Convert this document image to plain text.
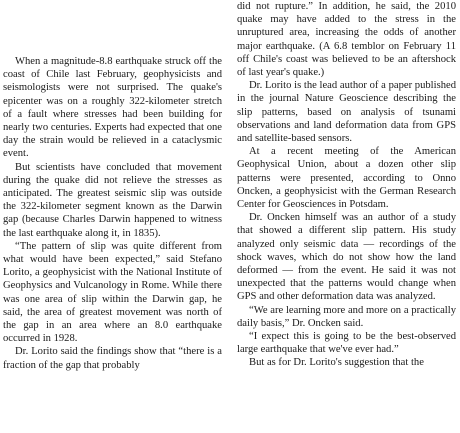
When a magnitude-8.8 earthquake struck off the coast of Chile last February, geophysicists and seismologists were not surprised. The quake's epicenter was on a roughly 322-kilometer stretch of a fault where stresses had been building for nearly two centuries. Experts had expected that one day the strain would be relieved in a cataclysmic event.

But scientists have concluded that movement during the quake did not relieve the stresses as anticipated. The greatest seismic slip was outside the 322-kilometer segment known as the Darwin gap (because Charles Darwin happened to witness the last earthquake along it, in 1835).

“The pattern of slip was quite different from what would have been expected,” said Stefano Lorito, a geophysicist with the National Institute of Geophysics and Vulcanology in Rome. While there was one area of slip within the Darwin gap, he said, the area of greatest movement was north of the gap in an area where an 8.0 earthquake occurred in 1928.

Dr. Lorito said the findings show that “there is a fraction of the gap that probably

did not rupture.” In addition, he said, the 2010 quake may have added to the stress in the unruptured area, increasing the odds of another major earthquake. (A 6.8 temblor on February 11 off Chile's coast was believed to be an aftershock of last year's quake.)

Dr. Lorito is the lead author of a paper published in the journal Nature Geoscience describing the slip patterns, based on analysis of tsunami observations and land deformation data from GPS and satellite-based sensors.

At a recent meeting of the American Geophysical Union, about a dozen other slip patterns were presented, according to Onno Oncken, a geophysicist with the German Research Center for Geosciences in Potsdam.

Dr. Oncken himself was an author of a study that showed a different slip pattern. His study analyzed only seismic data — recordings of the shock waves, which do not show how the land deformed — from the event. He said it was not unexpected that the patterns would change when GPS and other deformation data was analyzed.

“We are learning more and more on a practically daily basis,” Dr. Oncken said.

“I expect this is going to be the best-observed large earthquake that we've ever had.”

But as for Dr. Lorito's suggestion that the
